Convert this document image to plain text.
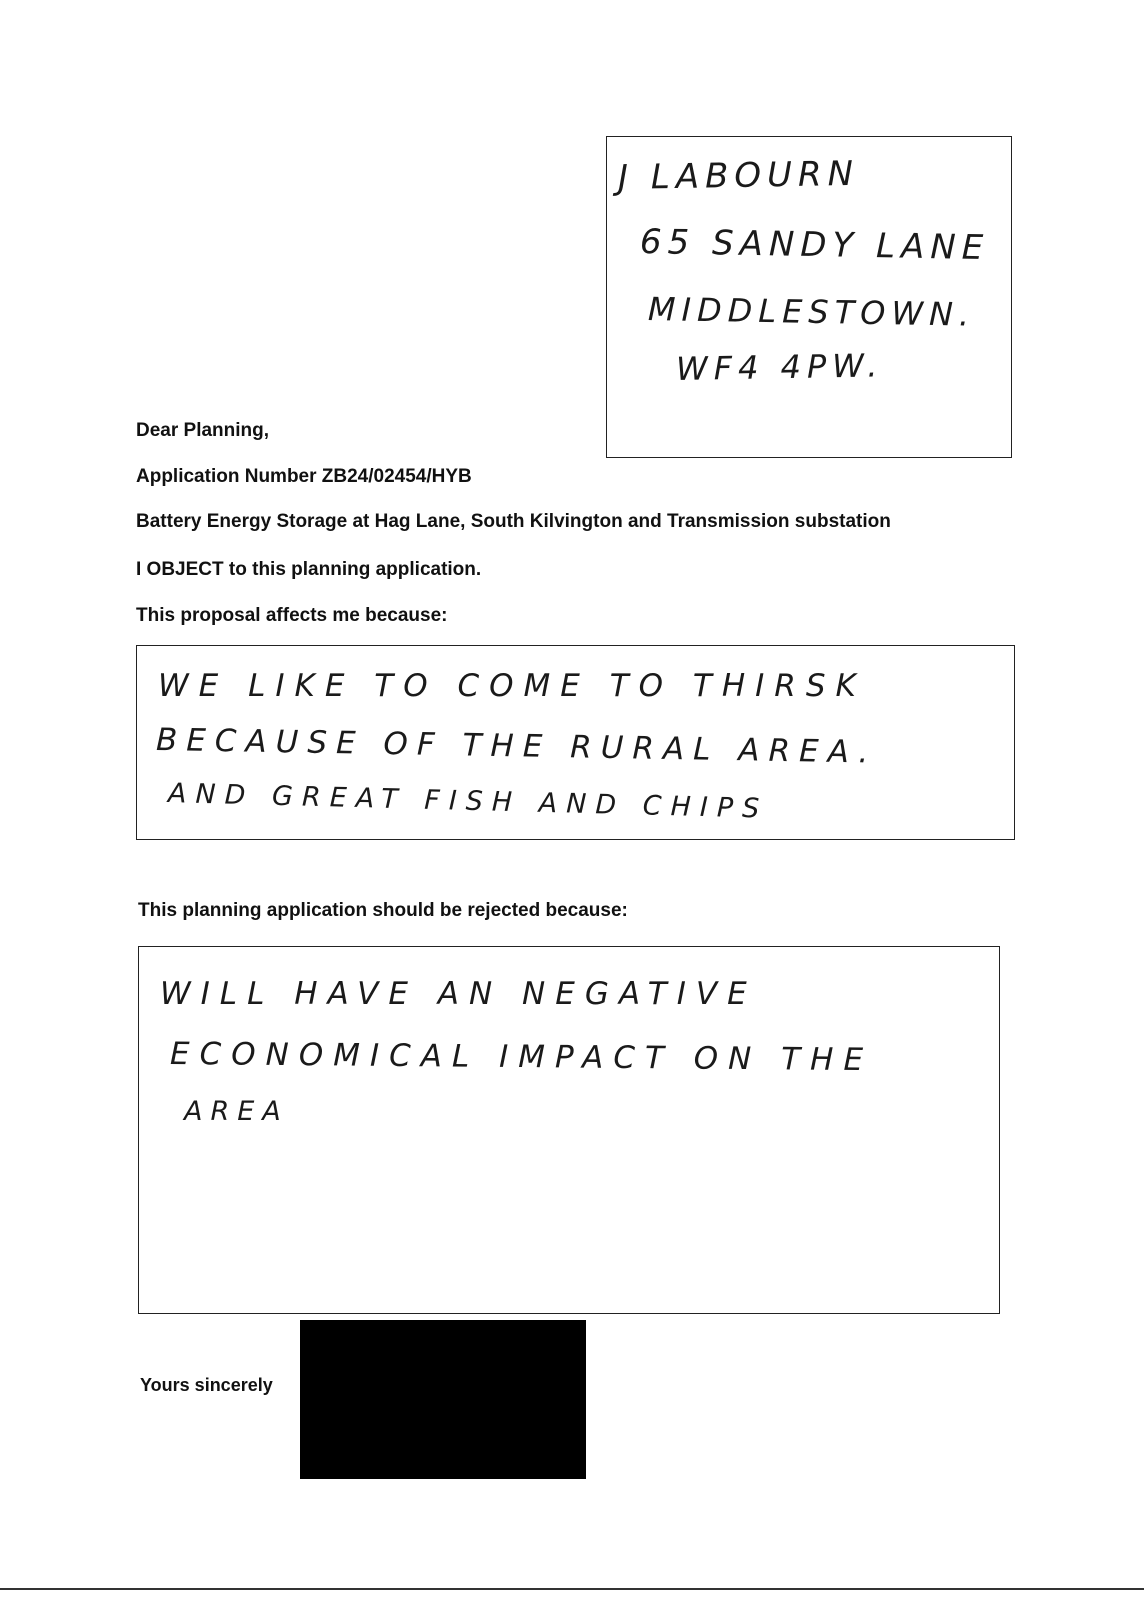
J LABOURN
65 SANDY LANE
MIDDLESTOWN.
WF4 4PW.
Dear Planning,
Application Number ZB24/02454/HYB
Battery Energy Storage at Hag Lane, South Kilvington and Transmission substation
I OBJECT to this planning application.
This proposal affects me because:
WE LIKE TO COME TO THIRSK
BECAUSE OF THE RURAL AREA.
AND GREAT FISH AND CHIPS
This planning application should be rejected because:
WILL HAVE AN NEGATIVE
ECONOMICAL IMPACT ON THE
AREA
Yours sincerely
